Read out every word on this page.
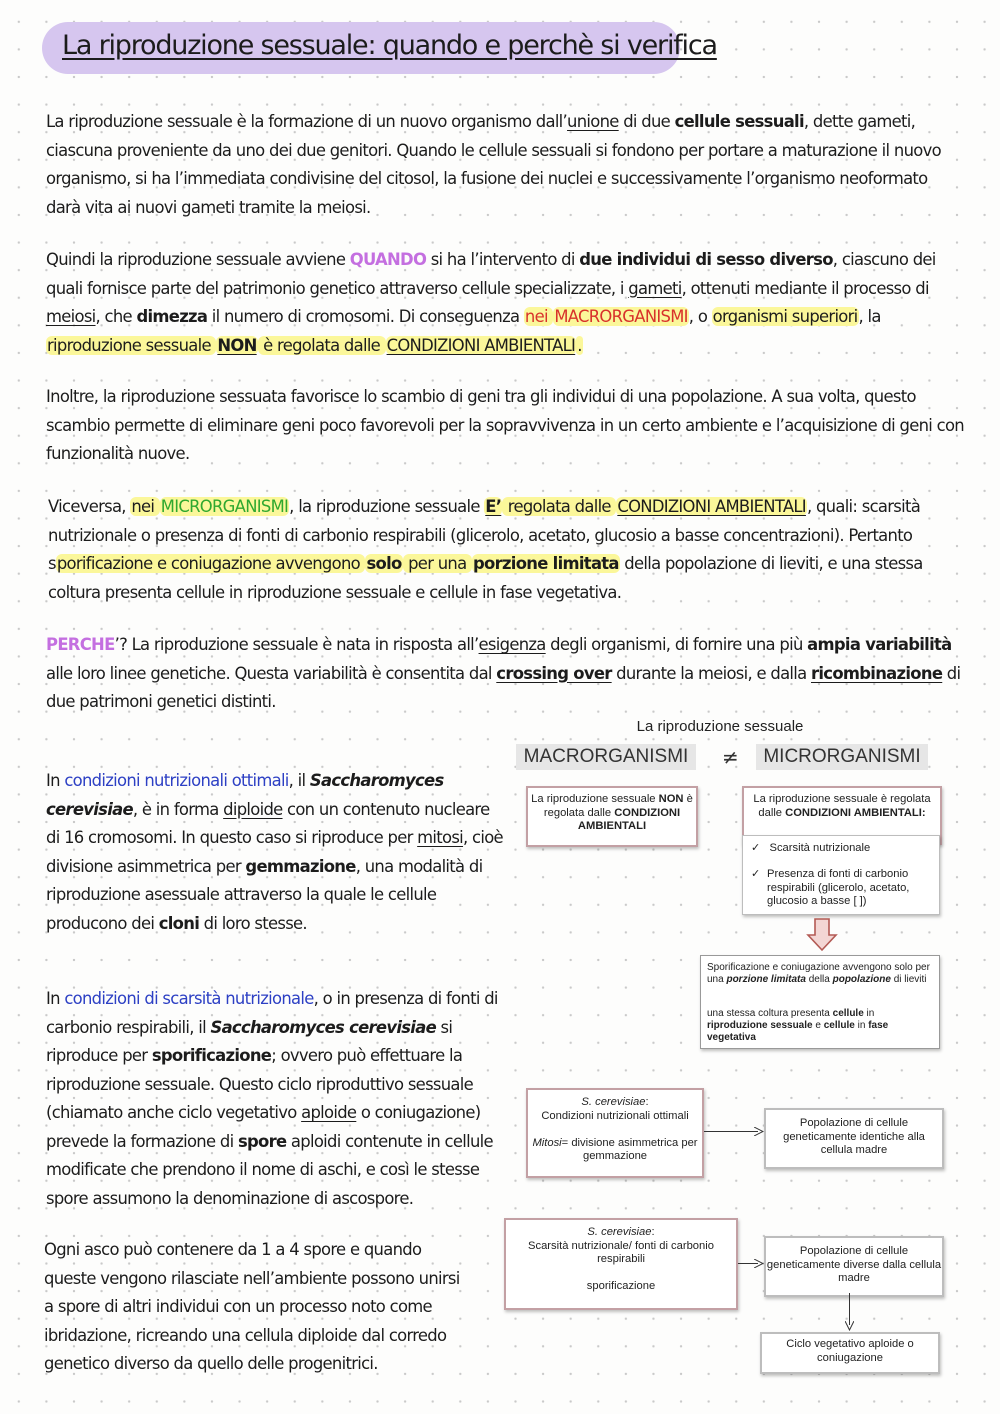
La riproduzione sessuale: quando e perchè si verifica
La riproduzione sessuale è la formazione di un nuovo organismo dall’unione di due cellule sessuali, dette gameti, ciascuna proveniente da uno dei due genitori. Quando le cellule sessuali si fondono per portare a maturazione il nuovo organismo, si ha l’immediata condivisine del citosol, la fusione dei nuclei e successivamente l’organismo neoformato darà vita ai nuovi gameti tramite la meiosi.
Quindi la riproduzione sessuale avviene QUANDO si ha l’intervento di due individui di sesso diverso, ciascuno dei quali fornisce parte del patrimonio genetico attraverso cellule specializzate, i gameti, ottenuti mediante il processo di meiosi, che dimezza il numero di cromosomi. Di conseguenza nei MACRORGANISMI, o organismi superiori, la riproduzione sessuale NON è regolata dalle CONDIZIONI AMBIENTALI .
Inoltre, la riproduzione sessuata favorisce lo scambio di geni tra gli individui di una popolazione. A sua volta, questo scambio permette di eliminare geni poco favorevoli per la sopravvivenza in un certo ambiente e l’acquisizione di geni con funzionalità nuove.
Viceversa, nei MICRORGANISMI, la riproduzione sessuale E’ regolata dalle CONDIZIONI AMBIENTALI, quali: scarsità nutrizionale o presenza di fonti di carbonio respirabili (glicerolo, acetato, glucosio a basse concentrazioni). Pertanto sporificazione e coniugazione avvengono solo per una porzione limitata della popolazione di lieviti, e una stessa coltura presenta cellule in riproduzione sessuale e cellule in fase vegetativa.
PERCHE’? La riproduzione sessuale è nata in risposta all’esigenza degli organismi, di fornire una più ampia variabilità alle loro linee genetiche. Questa variabilità è consentita dal crossing over durante la meiosi, e dalla ricombinazione di due patrimoni genetici distinti.
In condizioni nutrizionali ottimali, il Saccharomyces cerevisiae, è in forma diploide con un contenuto nucleare di 16 cromosomi. In questo caso si riproduce per mitosi, cioè divisione asimmetrica per gemmazione, una modalità di riproduzione asessuale attraverso la quale le cellule producono dei cloni di loro stesse.
In condizioni di scarsità nutrizionale, o in presenza di fonti di carbonio respirabili, il Saccharomyces cerevisiae si riproduce per sporificazione; ovvero può effettuare la riproduzione sessuale. Questo ciclo riproduttivo sessuale (chiamato anche ciclo vegetativo aploide o coniugazione) prevede la formazione di spore aploidi contenute in cellule modificate che prendono il nome di aschi, e così le stesse spore assumono la denominazione di ascospore.
Ogni asco può contenere da 1 a 4 spore e quando queste vengono rilasciate nell’ambiente possono unirsi a spore di altri individui con un processo noto come ibridazione, ricreando una cellula diploide dal corredo genetico diverso da quello delle progenitrici.
La riproduzione sessuale
MACRORGANISMI	≠	MICRORGANISMI
La riproduzione sessuale NON è regolata dalle CONDIZIONI AMBIENTALI
La riproduzione sessuale è regolata dalle CONDIZIONI AMBIENTALI:
✓ Scarsità nutrizionale
✓ Presenza di fonti di carbonio respirabili (glicerolo, acetato, glucosio a basse [ ])
Sporificazione e coniugazione avvengono solo per una porzione limitata della popolazione di lieviti
una stessa coltura presenta cellule in riproduzione sessuale e cellule in fase vegetativa
S. cerevisiae:
Condizioni nutrizionali ottimali

Mitosi= divisione asimmetrica per gemmazione
Popolazione di cellule geneticamente identiche alla cellula madre
S. cerevisiae:
Scarsità nutrizionale/ fonti di carbonio respirabili

sporificazione
Popolazione di cellule geneticamente diverse dalla cellula madre
Ciclo vegetativo aploide o coniugazione
